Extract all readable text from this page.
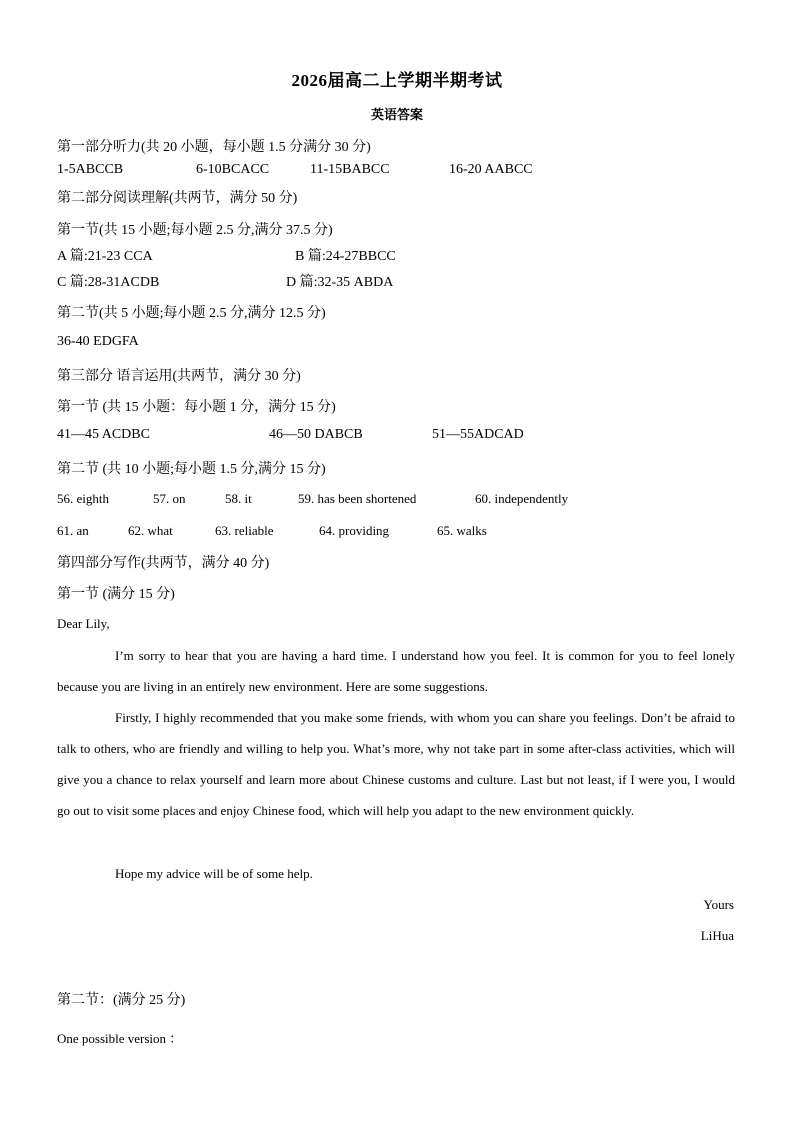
2026届高二上学期半期考试
英语答案
第一部分听力(共 20 小题，每小题 1.5 分满分 30 分)
1-5ABCCB	6-10BCACC	11-15BABCC	16-20 AABCC
第二部分阅读理解(共两节，满分 50 分)
第一节(共 15 小题;每小题 2.5 分,满分 37.5 分)
A 篇:21-23 CCA	B 篇:24-27BBCC
C 篇:28-31ACDB	D 篇:32-35 ABDA
第二节(共 5 小题;每小题 2.5 分,满分 12.5 分)
36-40 EDGFA
第三部分 语言运用(共两节，满分 30 分)
第一节 (共 15 小题：每小题 1 分，满分 15 分)
41—45 ACDBC	46—50 DABCB	51—55ADCAD
第二节 (共 10 小题;每小题 1.5 分,满分 15 分)
56. eighth	57. on	58. it	59. has been shortened	60. independently
61. an	62. what	63. reliable	64. providing	65. walks
第四部分写作(共两节，满分 40 分)
第一节 (满分 15 分)
Dear Lily,

I’m sorry to hear that you are having a hard time. I understand how you feel. It is common for you to feel lonely because you are living in an entirely new environment. Here are some suggestions.

Firstly, I highly recommended that you make some friends, with whom you can share you feelings. Don’t be afraid to talk to others, who are friendly and willing to help you. What’s more, why not take part in some after-class activities, which will give you a chance to relax yourself and learn more about Chinese customs and culture. Last but not least, if I were you, I would go out to visit some places and enjoy Chinese food, which will help you adapt to the new environment quickly.

Hope my advice will be of some help.

Yours
LiHua
第二节：(满分 25 分)
One possible version ：
